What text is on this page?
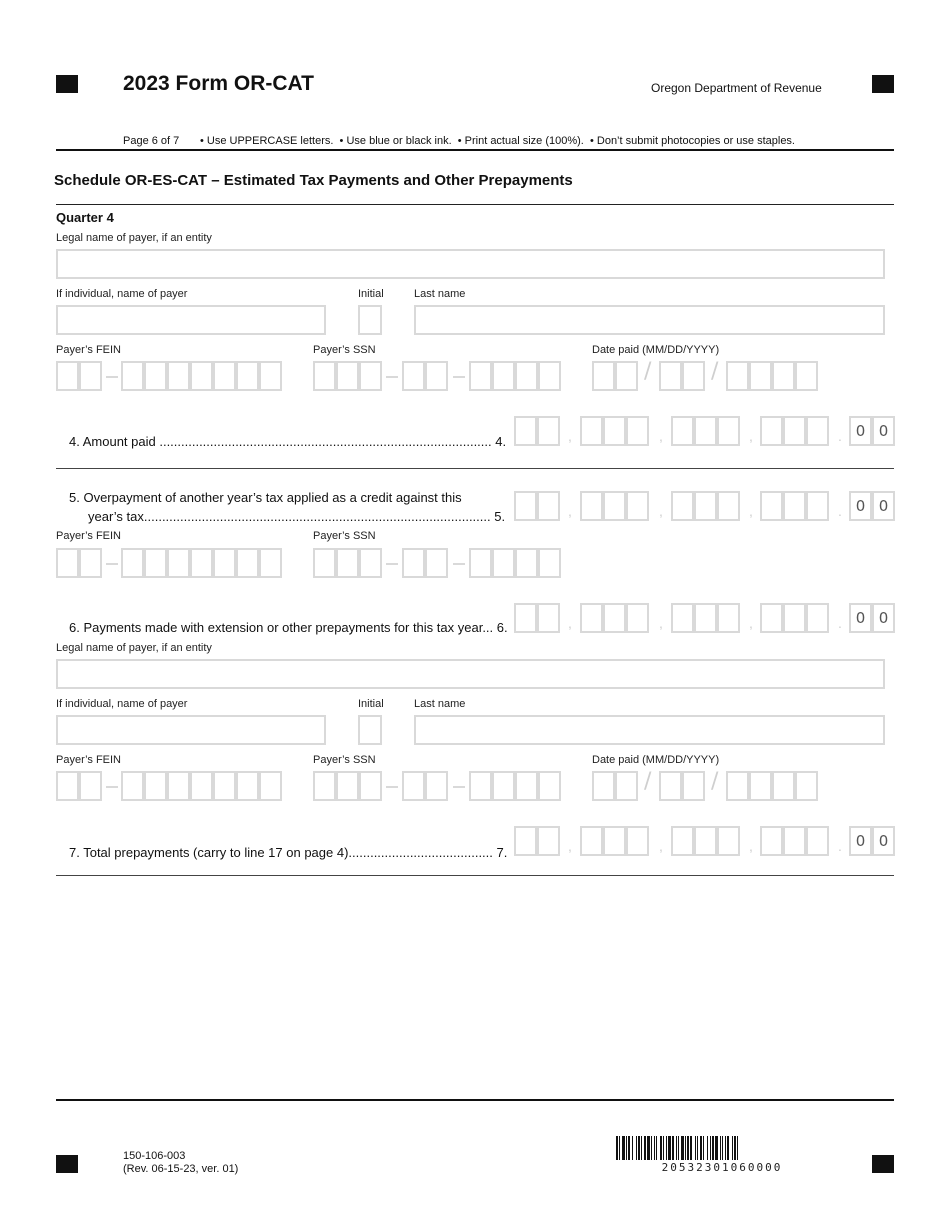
2023 Form OR-CAT	Oregon Department of Revenue
Page 6 of 7 • Use UPPERCASE letters.  • Use blue or black ink.  • Print actual size (100%).  • Don’t submit photocopies or use staples.
Schedule OR-ES-CAT – Estimated Tax Payments and Other Prepayments
Quarter 4
Legal name of payer, if an entity
If individual, name of payer	Initial	Last name
Payer’s FEIN	Payer’s SSN	Date paid (MM/DD/YYYY)
/	/
4. Amount paid ............................................................................................ 4.	,	,	,	. 0 0
5. Overpayment of another year’s tax applied as a credit against this
year’s tax................................................................................................ 5.	,	,	,	. 0 0
Payer’s FEIN	Payer’s SSN
6. Payments made with extension or other prepayments for this tax year... 6.	,	,	,	. 0 0
Legal name of payer, if an entity
If individual, name of payer	Initial	Last name
Payer’s FEIN	Payer’s SSN	Date paid (MM/DD/YYYY)
/	/
7. Total prepayments (carry to line 17 on page 4)........................................ 7.	,	,	,	. 0 0
150-106-003
(Rev. 06-15-23, ver. 01)	20532301060000
